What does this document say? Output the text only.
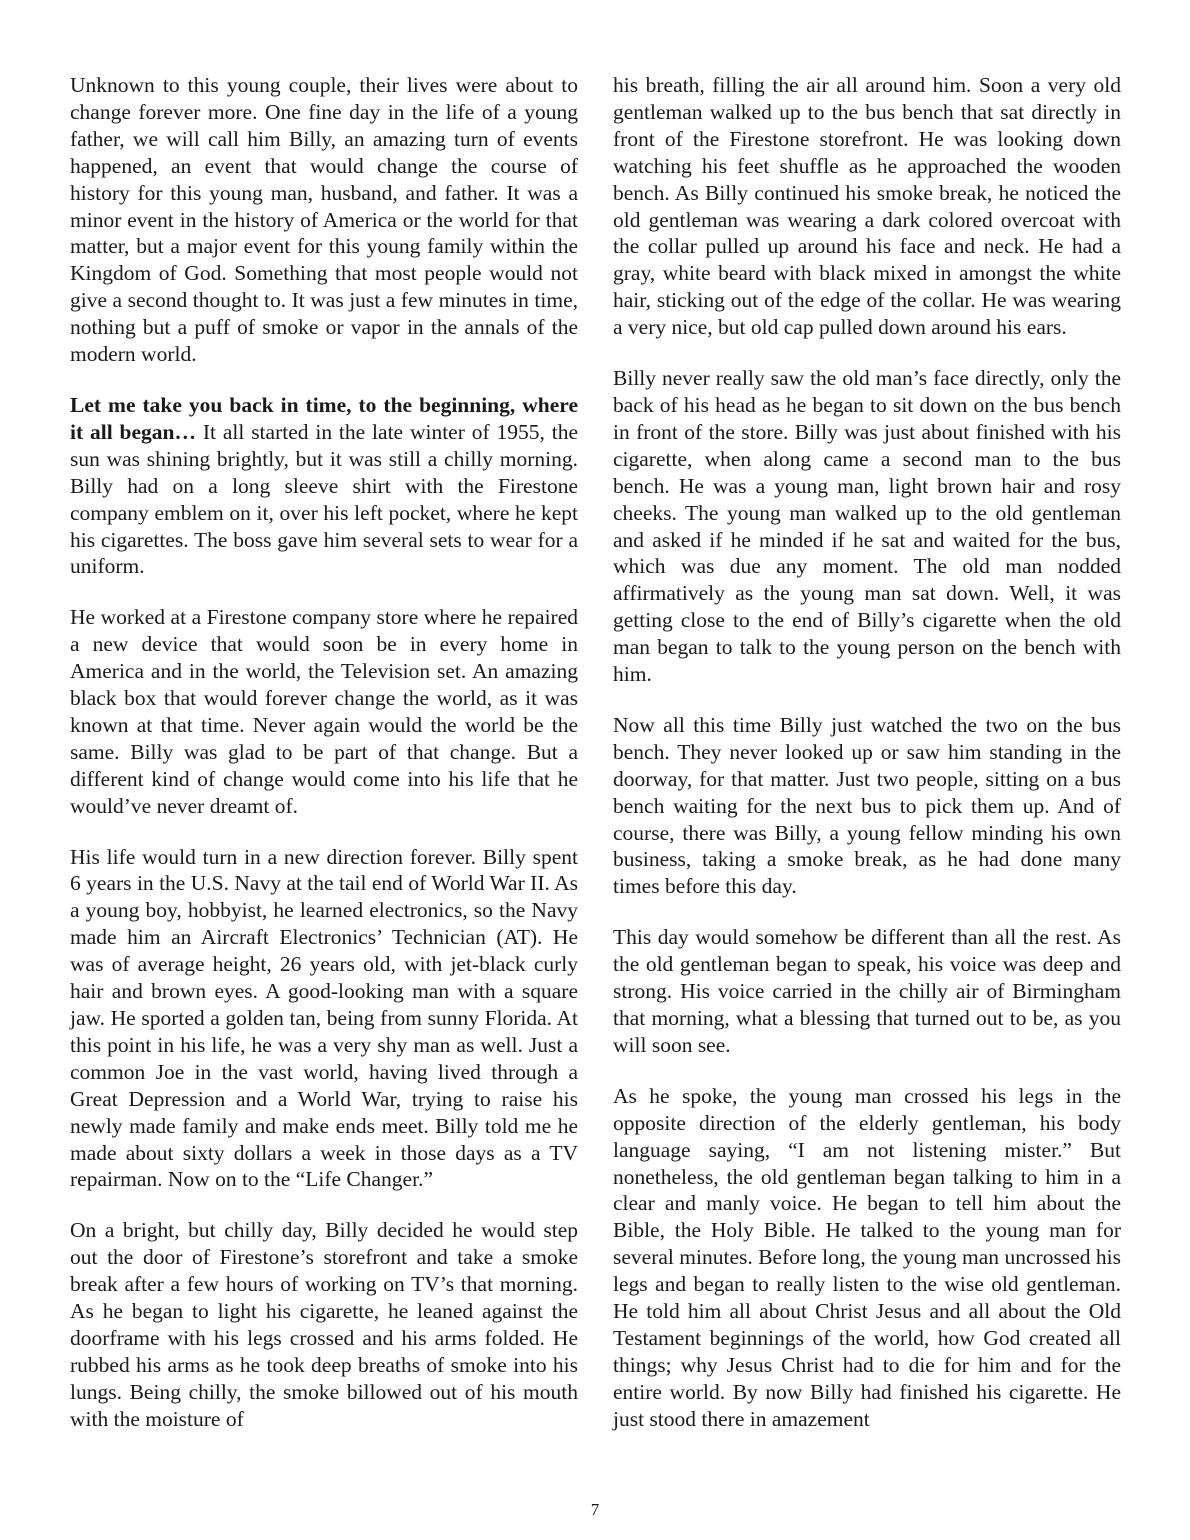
Unknown to this young couple, their lives were about to change forever more. One fine day in the life of a young father, we will call him Billy, an amazing turn of events happened, an event that would change the course of history for this young man, husband, and father. It was a minor event in the history of America or the world for that matter, but a major event for this young family within the Kingdom of God. Something that most people would not give a second thought to. It was just a few minutes in time, nothing but a puff of smoke or vapor in the annals of the modern world.

Let me take you back in time, to the beginning, where it all began… It all started in the late winter of 1955, the sun was shining brightly, but it was still a chilly morning. Billy had on a long sleeve shirt with the Firestone company emblem on it, over his left pocket, where he kept his cigarettes. The boss gave him several sets to wear for a uniform.

He worked at a Firestone company store where he repaired a new device that would soon be in every home in America and in the world, the Television set. An amazing black box that would forever change the world, as it was known at that time. Never again would the world be the same. Billy was glad to be part of that change. But a different kind of change would come into his life that he would’ve never dreamt of.

His life would turn in a new direction forever. Billy spent 6 years in the U.S. Navy at the tail end of World War II. As a young boy, hobbyist, he learned electronics, so the Navy made him an Aircraft Electronics’ Technician (AT). He was of average height, 26 years old, with jet-black curly hair and brown eyes. A good-looking man with a square jaw. He sported a golden tan, being from sunny Florida. At this point in his life, he was a very shy man as well. Just a common Joe in the vast world, having lived through a Great Depression and a World War, trying to raise his newly made family and make ends meet. Billy told me he made about sixty dollars a week in those days as a TV repairman. Now on to the “Life Changer.”

On a bright, but chilly day, Billy decided he would step out the door of Firestone’s storefront and take a smoke break after a few hours of working on TV’s that morning. As he began to light his cigarette, he leaned against the doorframe with his legs crossed and his arms folded. He rubbed his arms as he took deep breaths of smoke into his lungs. Being chilly, the smoke billowed out of his mouth with the moisture of

his breath, filling the air all around him. Soon a very old gentleman walked up to the bus bench that sat directly in front of the Firestone storefront. He was looking down watching his feet shuffle as he approached the wooden bench. As Billy continued his smoke break, he noticed the old gentleman was wearing a dark colored overcoat with the collar pulled up around his face and neck. He had a gray, white beard with black mixed in amongst the white hair, sticking out of the edge of the collar. He was wearing a very nice, but old cap pulled down around his ears.

Billy never really saw the old man’s face directly, only the back of his head as he began to sit down on the bus bench in front of the store. Billy was just about finished with his cigarette, when along came a second man to the bus bench. He was a young man, light brown hair and rosy cheeks. The young man walked up to the old gentleman and asked if he minded if he sat and waited for the bus, which was due any moment. The old man nodded affirmatively as the young man sat down. Well, it was getting close to the end of Billy’s cigarette when the old man began to talk to the young person on the bench with him.

Now all this time Billy just watched the two on the bus bench. They never looked up or saw him standing in the doorway, for that matter. Just two people, sitting on a bus bench waiting for the next bus to pick them up. And of course, there was Billy, a young fellow minding his own business, taking a smoke break, as he had done many times before this day.

This day would somehow be different than all the rest. As the old gentleman began to speak, his voice was deep and strong. His voice carried in the chilly air of Birmingham that morning, what a blessing that turned out to be, as you will soon see.

As he spoke, the young man crossed his legs in the opposite direction of the elderly gentleman, his body language saying, “I am not listening mister.” But nonetheless, the old gentleman began talking to him in a clear and manly voice. He began to tell him about the Bible, the Holy Bible. He talked to the young man for several minutes. Before long, the young man uncrossed his legs and began to really listen to the wise old gentleman. He told him all about Christ Jesus and all about the Old Testament beginnings of the world, how God created all things; why Jesus Christ had to die for him and for the entire world. By now Billy had finished his cigarette. He just stood there in amazement

7
